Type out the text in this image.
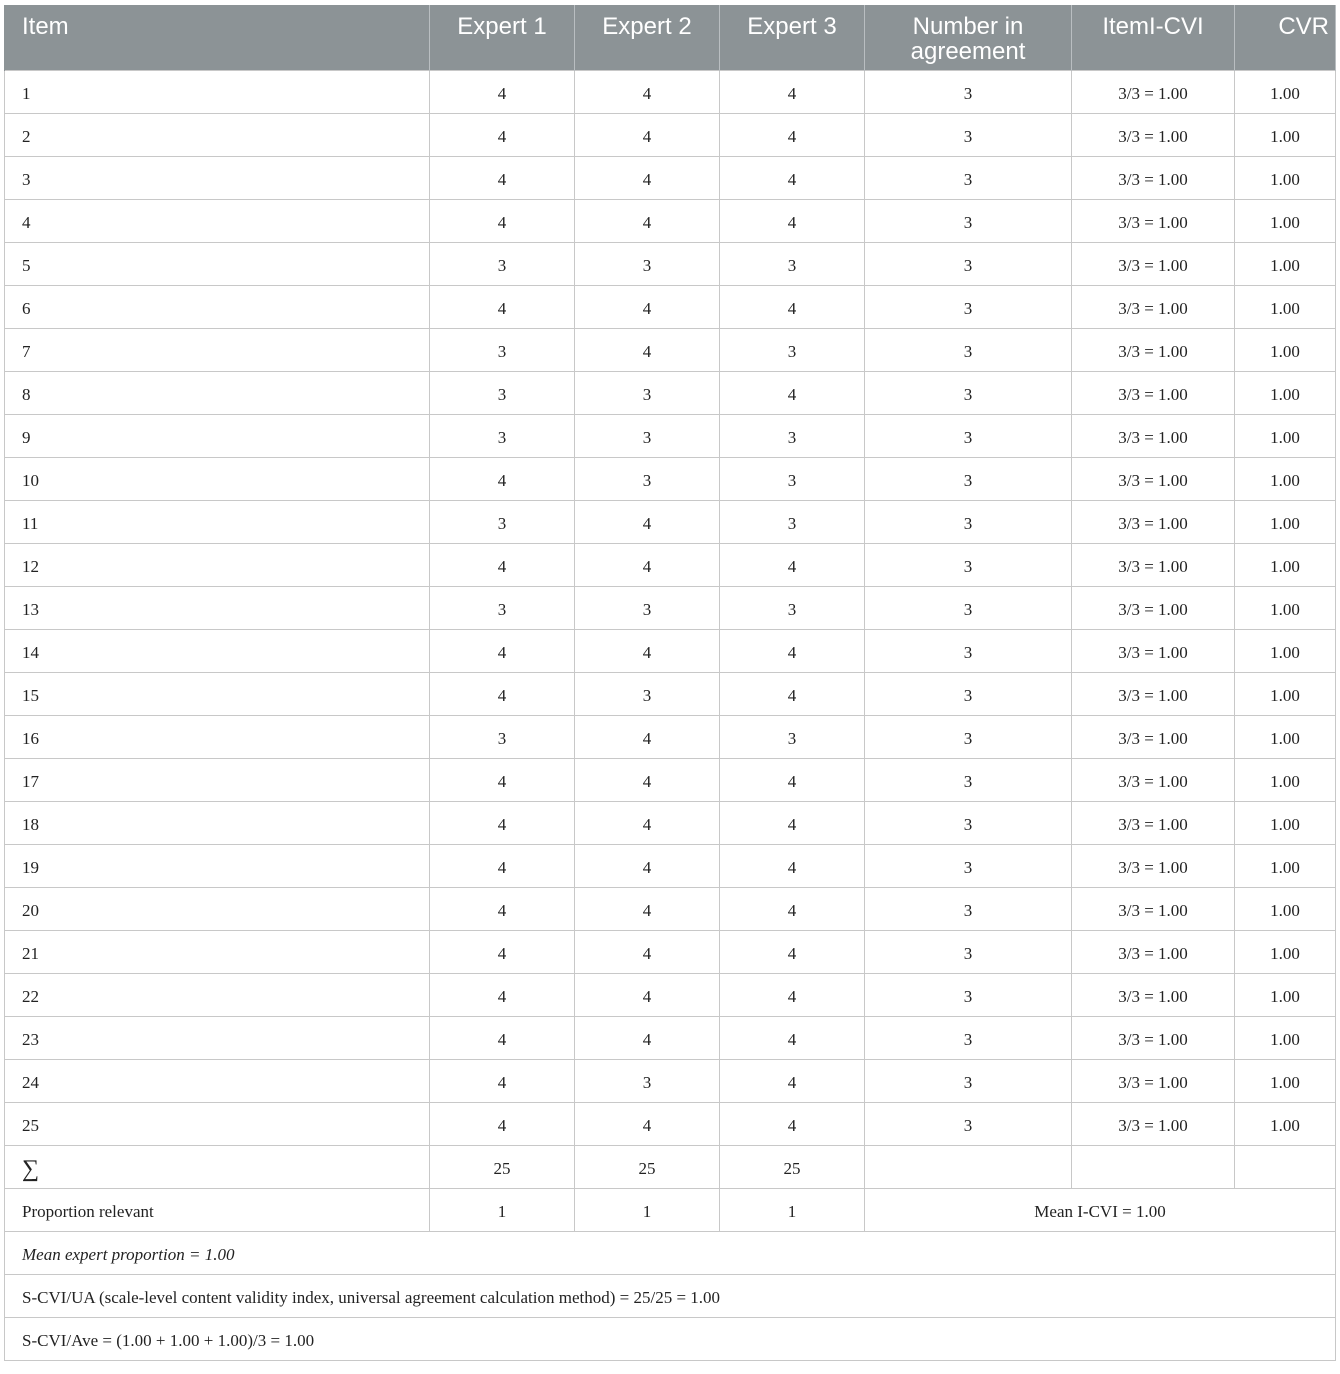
Item	Expert 1	Expert 2	Expert 3	Number in agreement	ItemI-CVI	CVR
1	4	4	4	3	3/3 = 1.00	1.00
2	4	4	4	3	3/3 = 1.00	1.00
3	4	4	4	3	3/3 = 1.00	1.00
4	4	4	4	3	3/3 = 1.00	1.00
5	3	3	3	3	3/3 = 1.00	1.00
6	4	4	4	3	3/3 = 1.00	1.00
7	3	4	3	3	3/3 = 1.00	1.00
8	3	3	4	3	3/3 = 1.00	1.00
9	3	3	3	3	3/3 = 1.00	1.00
10	4	3	3	3	3/3 = 1.00	1.00
11	3	4	3	3	3/3 = 1.00	1.00
12	4	4	4	3	3/3 = 1.00	1.00
13	3	3	3	3	3/3 = 1.00	1.00
14	4	4	4	3	3/3 = 1.00	1.00
15	4	3	4	3	3/3 = 1.00	1.00
16	3	4	3	3	3/3 = 1.00	1.00
17	4	4	4	3	3/3 = 1.00	1.00
18	4	4	4	3	3/3 = 1.00	1.00
19	4	4	4	3	3/3 = 1.00	1.00
20	4	4	4	3	3/3 = 1.00	1.00
21	4	4	4	3	3/3 = 1.00	1.00
22	4	4	4	3	3/3 = 1.00	1.00
23	4	4	4	3	3/3 = 1.00	1.00
24	4	3	4	3	3/3 = 1.00	1.00
25	4	4	4	3	3/3 = 1.00	1.00
∑	25	25	25			
Proportion relevant	1	1	1	Mean I-CVI = 1.00		
Mean expert proportion = 1.00						
S-CVI/UA (scale-level content validity index, universal agreement calculation method) = 25/25 = 1.00						
S-CVI/Ave = (1.00 + 1.00 + 1.00)/3 = 1.00						
